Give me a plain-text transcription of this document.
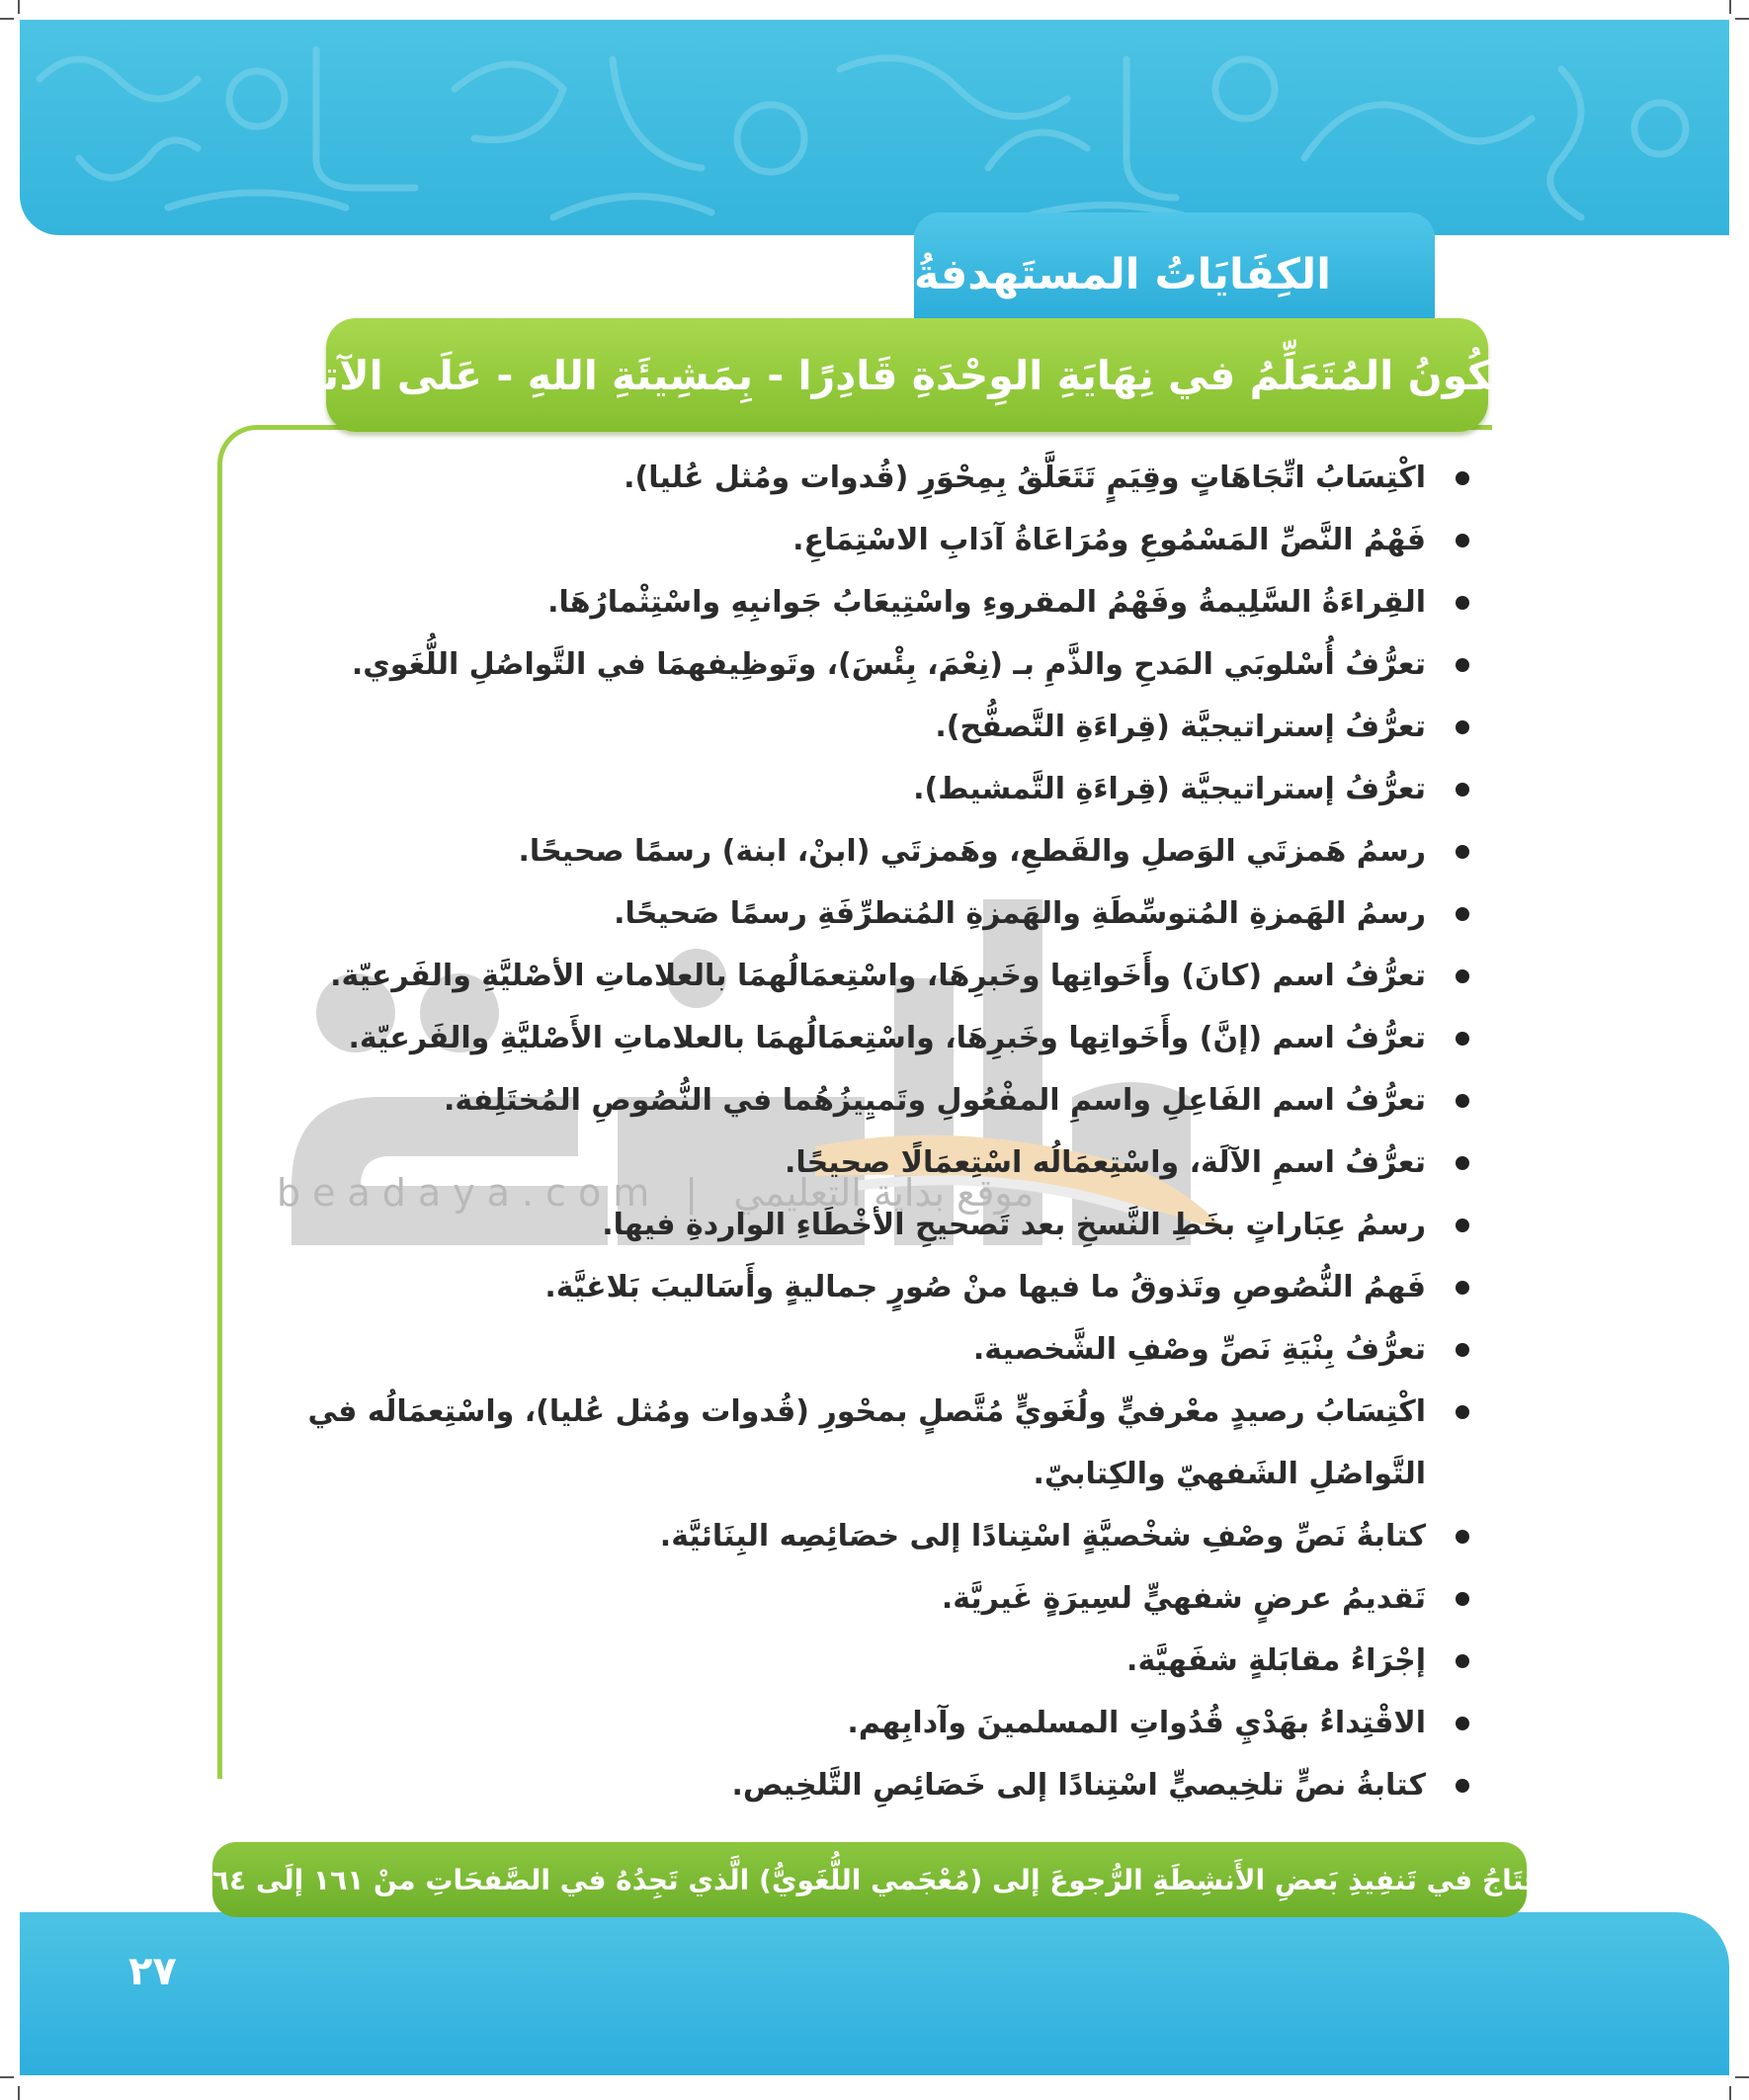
الكِفَايَاتُ المستَهدفةُ
beadaya.com | موقع بداية التعليمي
سَيكُونُ المُتَعَلِّمُ في نِهَايَةِ الوِحْدَةِ قَادِرًا - بِمَشِيئَةِ اللهِ - عَلَى الآتي:
اكْتِسَابُ اتِّجَاهَاتٍ وقِيَمٍ تَتَعَلَّقُ بِمِحْوَرِ (قُدوات ومُثل عُليا).
فَهْمُ النَّصِّ المَسْمُوعِ ومُرَاعَاةُ آدَابِ الاسْتِمَاعِ.
القِراءَةُ السَّلِيمةُ وفَهْمُ المقروءِ واسْتِيعَابُ جَوانبِهِ واسْتِثْمارُهَا.
تعرُّفُ أُسْلوبَي المَدحِ والذَّمِ بـ (نِعْمَ، بِئْسَ)، وتَوظِيفهمَا في التَّواصُلِ اللُّغَوي.
تعرُّفُ إستراتيجيَّة (قِراءَةِ التَّصفُّح).
تعرُّفُ إستراتيجيَّة (قِراءَةِ التَّمشيط).
رسمُ هَمزتَي الوَصلِ والقَطعِ، وهَمزتَي (ابنْ، ابنة) رسمًا صحيحًا.
رسمُ الهَمزةِ المُتوسِّطَةِ والهَمزةِ المُتطرِّفَةِ رسمًا صَحيحًا.
تعرُّفُ اسم (كانَ) وأَخَواتِها وخَبرِهَا، واسْتِعمَالُهمَا بالعلاماتِ الأصْليَّةِ والفَرعيّة.
تعرُّفُ اسم (إنَّ) وأَخَواتِها وخَبرِهَا، واسْتِعمَالُهمَا بالعلاماتِ الأَصْليَّةِ والفَرعيّة.
تعرُّفُ اسم الفَاعِلِ واسمِ المفْعُولِ وتَميِيزُهُما في النُّصُوصِ المُختَلِفة.
تعرُّفُ اسمِ الآلَة، واسْتِعمَالُه اسْتِعمَالًا صحيحًا.
رسمُ عِبَاراتٍ بخَطِ النَّسخِ بعد تَصحيحِ الأخْطَاءِ الواردةِ فيها.
فَهمُ النُّصُوصِ وتَذوقُ ما فيها منْ صُورٍ جماليةٍ وأَسَاليبَ بَلاغيَّة.
تعرُّفُ بِنْيَةِ نَصِّ وصْفِ الشَّخصية.
اكْتِسَابُ رصيدٍ معْرفيٍّ ولُغَويٍّ مُتَّصلٍ بمحْورِ (قُدوات ومُثل عُليا)، واسْتِعمَالُه في التَّواصُلِ الشَفهيّ والكِتابيّ.
كتابةُ نَصِّ وصْفِ شخْصيَّةٍ اسْتِنادًا إلى خصَائِصِه البِنَائيَّة.
تَقديمُ عرضٍ شفهيٍّ لسِيرَةٍ غَيريَّة.
إجْرَاءُ مقابَلةٍ شفَهيَّة.
الاقْتِداءُ بهَدْيِ قُدُواتِ المسلمينَ وآدابِهم.
كتابةُ نصٍّ تلخِيصيٍّ اسْتِنادًا إلى خَصَائِصِ التَّلخِيص.
تَحتَاجُ في تَنفِيذِ بَعضِ الأَنشِطَةِ الرُّجوعَ إلى (مُعْجَمي اللُّغَويُّ) الَّذي تَجِدُهُ في الصَّفحَاتِ منْ ١٦١ إلَى ١٦٤.
٢٧
